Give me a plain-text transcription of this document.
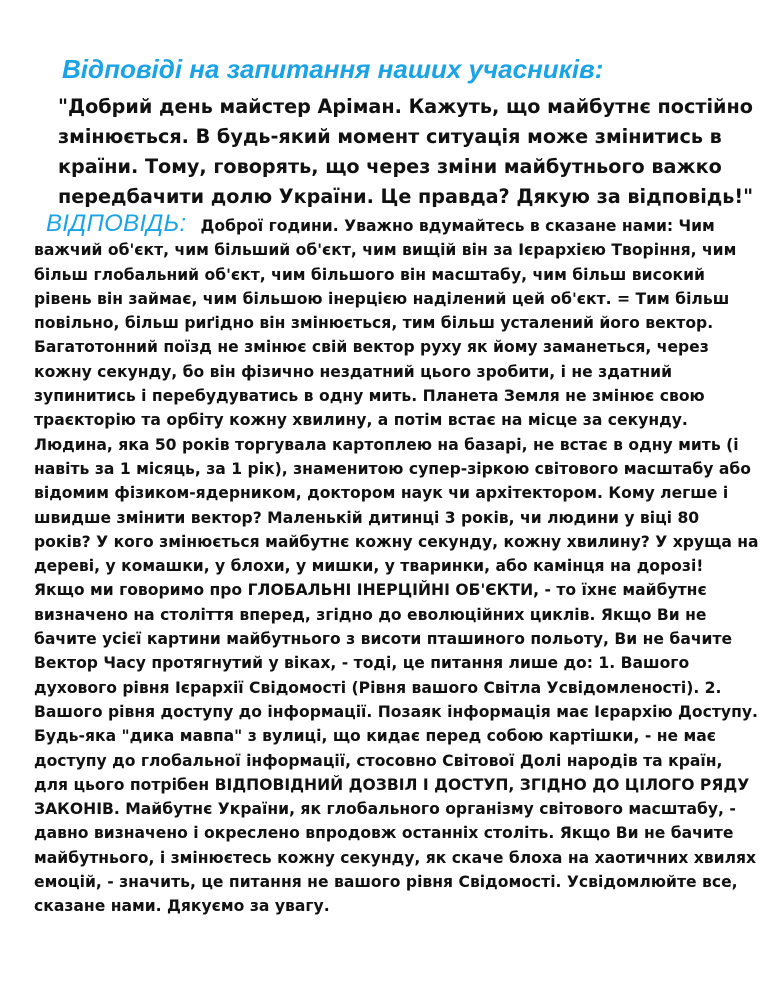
Відповіді на запитання наших учасників:

"Добрий день майстер Аріман. Кажуть, що майбутнє постійно змінюється. В будь-який момент ситуація може змінитись в країни. Тому, говорять, що через зміни майбутнього важко передбачити долю України. Це правда? Дякую за відповідь!"

ВІДПОВІДЬ: Доброї години. Уважно вдумайтесь в сказане нами: Чим важчий об'єкт, чим більший об'єкт, чим вищій він за Ієрархією Творіння, чим більш глобальний об'єкт, чим більшого він масштабу, чим більш високий рівень він займає, чим більшою інерцією наділений цей об'єкт. = Тим більш повільно, більш риґідно він змінюється, тим більш усталений його вектор. Багатотонний поїзд не змінює свій вектор руху як йому заманеться, через кожну секунду, бо він фізично нездатний цього зробити, і не здатний зупинитись і перебудуватись в одну мить. Планета Земля не змінює свою траєкторію та орбіту кожну хвилину, а потім встає на місце за секунду. Людина, яка 50 років торгувала картоплею на базарі, не встає в одну мить (і навіть за 1 місяць, за 1 рік), знаменитою супер-зіркою світового масштабу або відомим фізиком-ядерником, доктором наук чи архітектором. Кому легше і швидше змінити вектор? Маленькій дитинці 3 років, чи людини у віці 80 років? У кого змінюється майбутнє кожну секунду, кожну хвилину? У хруща на дереві, у комашки, у блохи, у мишки, у тваринки, або камінця на дорозі! Якщо ми говоримо про ГЛОБАЛЬНІ ІНЕРЦІЙНІ ОБ'ЄКТИ, - то їхнє майбутнє визначено на століття вперед, згідно до еволюційних циклів. Якщо Ви не бачите усієї картини майбутнього з висоти пташиного польоту, Ви не бачите Вектор Часу протягнутий у віках, - тоді, це питання лише до: 1. Вашого духового рівня Ієрархії Свідомості (Рівня вашого Світла Усвідомленості). 2. Вашого рівня доступу до інформації. Позаяк інформація має Ієрархію Доступу. Будь-яка "дика мавпа" з вулиці, що кидає перед собою картішки, - не має доступу до глобальної інформації, стосовно Світової Долі народів та країн, для цього потрібен ВІДПОВІДНИЙ ДОЗВІЛ І ДОСТУП, ЗГІДНО ДО ЦІЛОГО РЯДУ ЗАКОНІВ. Майбутнє України, як глобального організму світового масштабу, - давно визначено і окреслено впродовж останніх століть. Якщо Ви не бачите майбутнього, і змінюєтесь кожну секунду, як скаче блоха на хаотичних хвилях емоцій, - значить, це питання не вашого рівня Свідомості. Усвідомлюйте все, сказане нами. Дякуємо за увагу.
